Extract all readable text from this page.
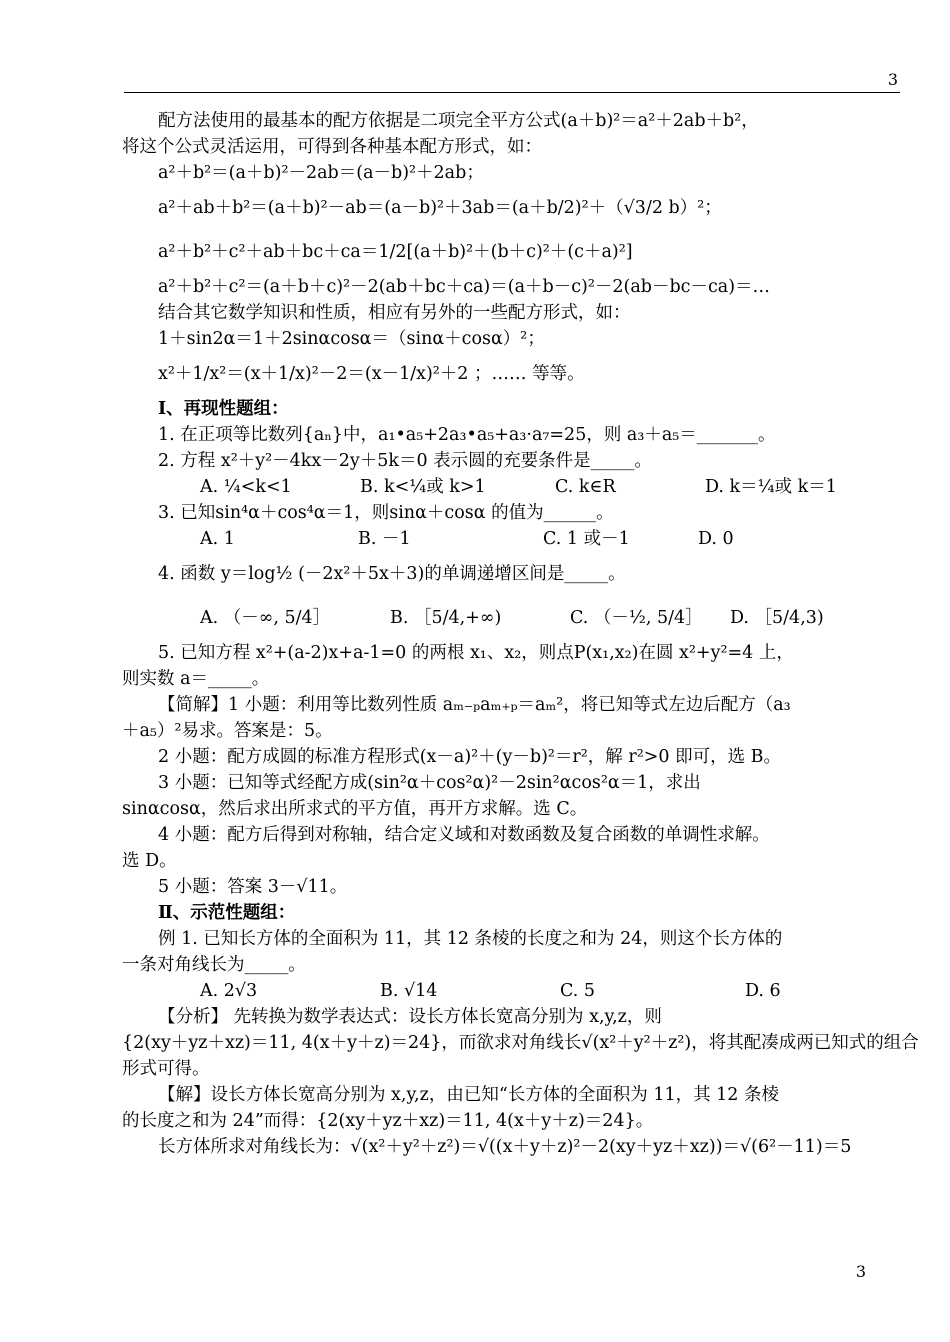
3
配方法使用的最基本的配方依据是二项完全平方公式(a＋b)²＝a²＋2ab＋b²，
将这个公式灵活运用，可得到各种基本配方形式，如：
a²＋b²＝(a＋b)²－2ab＝(a－b)²＋2ab；
a²＋ab＋b²＝(a＋b)²－ab＝(a－b)²＋3ab＝(a＋b/2)²＋（√3/2 b）²；
a²＋b²＋c²＋ab＋bc＋ca＝1/2[(a＋b)²＋(b＋c)²＋(c＋a)²]
a²＋b²＋c²＝(a＋b＋c)²－2(ab＋bc＋ca)＝(a＋b－c)²－2(ab－bc－ca)＝…
结合其它数学知识和性质，相应有另外的一些配方形式，如：
1＋sin2α＝1＋2sinαcosα＝（sinα＋cosα）²；
x²＋1/x²＝(x＋1/x)²－2＝(x－1/x)²＋2 ；…… 等等。
Ⅰ、再现性题组：
1. 在正项等比数列{aₙ}中，a₁•a₅+2a₃•a₅+a₃·a₇=25，则 a₃＋a₅＝_______。
2. 方程 x²＋y²－4kx－2y＋5k＝0 表示圆的充要条件是_____。
A. ¼<k<1	B. k<¼或 k>1	C. k∈R	D. k＝¼或 k＝1
3. 已知sin⁴α＋cos⁴α＝1，则sinα＋cosα 的值为______。
A. 1	B. －1	C. 1 或－1	D. 0
4. 函数 y＝log½ (－2x²＋5x＋3)的单调递增区间是_____。
A. （－∞, 5/4］	B. ［5/4,+∞)	C. （－½, 5/4］	D. ［5/4,3)
5. 已知方程 x²+(a-2)x+a-1=0 的两根 x₁、x₂，则点P(x₁,x₂)在圆 x²+y²=4 上，
则实数 a＝_____。
【简解】1 小题：利用等比数列性质 aₘ₋ₚaₘ₊ₚ＝aₘ²，将已知等式左边后配方（a₃
＋a₅）²易求。答案是：5。
2 小题：配方成圆的标准方程形式(x－a)²＋(y－b)²＝r²，解 r²>0 即可，选 B。
3 小题：已知等式经配方成(sin²α＋cos²α)²－2sin²αcos²α＝1，求出
sinαcosα，然后求出所求式的平方值，再开方求解。选 C。
4 小题：配方后得到对称轴，结合定义域和对数函数及复合函数的单调性求解。
选 D。
5 小题：答案 3－√11。
Ⅱ、示范性题组：
例 1. 已知长方体的全面积为 11，其 12 条棱的长度之和为 24，则这个长方体的
一条对角线长为_____。
A. 2√3	B. √14	C. 5	D. 6
【分析】 先转换为数学表达式：设长方体长宽高分别为 x,y,z，则
{2(xy＋yz＋xz)＝11, 4(x＋y＋z)＝24}，而欲求对角线长√(x²＋y²＋z²)，将其配凑成两已知式的组合
形式可得。
【解】设长方体长宽高分别为 x,y,z，由已知“长方体的全面积为 11，其 12 条棱
的长度之和为 24”而得：{2(xy＋yz＋xz)＝11, 4(x＋y＋z)＝24}。
长方体所求对角线长为：√(x²＋y²＋z²)＝√((x＋y＋z)²－2(xy＋yz＋xz))＝√(6²－11)＝5
3
